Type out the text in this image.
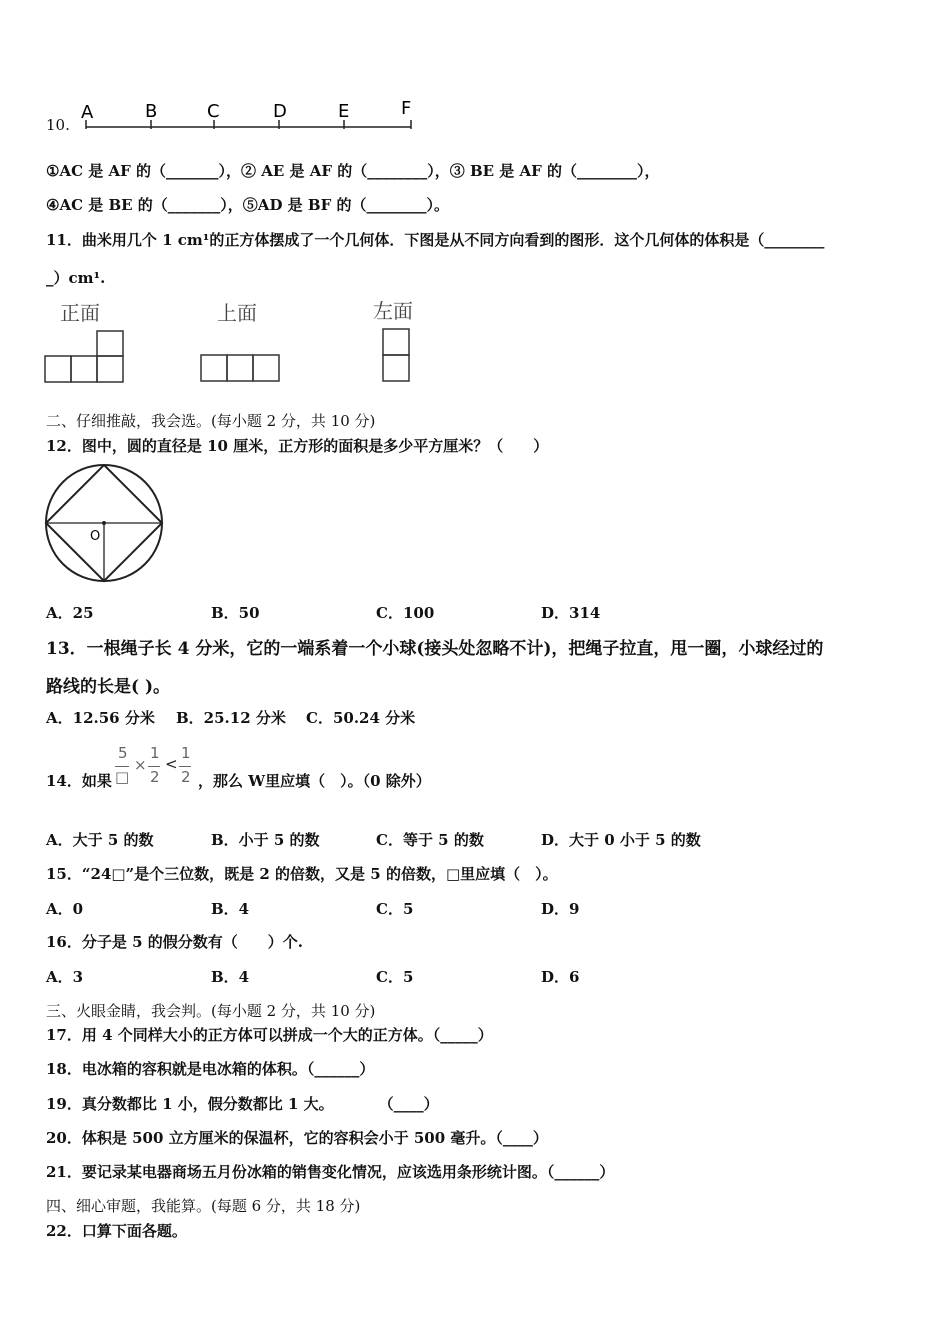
10.
A	B	C	D	E	F
①AC 是 AF 的（_______），② AE 是 AF 的（________），③ BE 是 AF 的（________），
④AC 是 BE 的（_______），⑤AD 是 BF 的（________）。
11．曲米用几个 1 cm¹的正方体摆成了一个几何体．下图是从不同方向看到的图形．这个几何体的体积是（________
_）cm¹.
正面	上面	左面
二、仔细推敲，我会选。(每小题 2 分，共 10 分)
12．图中，圆的直径是 10 厘米，正方形的面积是多少平方厘米？（　　）
O
A．25	B．50	C．100	D．314
13．一根绳子长 4 分米，它的一端系着一个小球(接头处忽略不计)，把绳子拉直，甩一圈，小球经过的
路线的长是( )。
A．12.56 分米 B．25.12 分米 C．50.24 分米
14．如果
5
□
×
1
2
<
1
2 ，那么 W里应填（　）。（0 除外）
A．大于 5 的数	B．小于 5 的数	C．等于 5 的数	D．大于 0 小于 5 的数
15．“24□”是个三位数，既是 2 的倍数，又是 5 的倍数，□里应填（　）。
A．0	B．4	C．5	D．9
16．分子是 5 的假分数有（　　）个.
A．3	B．4	C．5	D．6
三、火眼金睛，我会判。(每小题 2 分，共 10 分)
17．用 4 个同样大小的正方体可以拼成一个大的正方体。（_____）
18．电冰箱的容积就是电冰箱的体积。（______）
19．真分数都比 1 小，假分数都比 1 大。　　　　（____）
20．体积是 500 立方厘米的保温杯，它的容积会小于 500 毫升。（____）
21．要记录某电器商场五月份冰箱的销售变化情况，应该选用条形统计图。（______）
四、细心审题，我能算。(每题 6 分，共 18 分)
22．口算下面各题。
